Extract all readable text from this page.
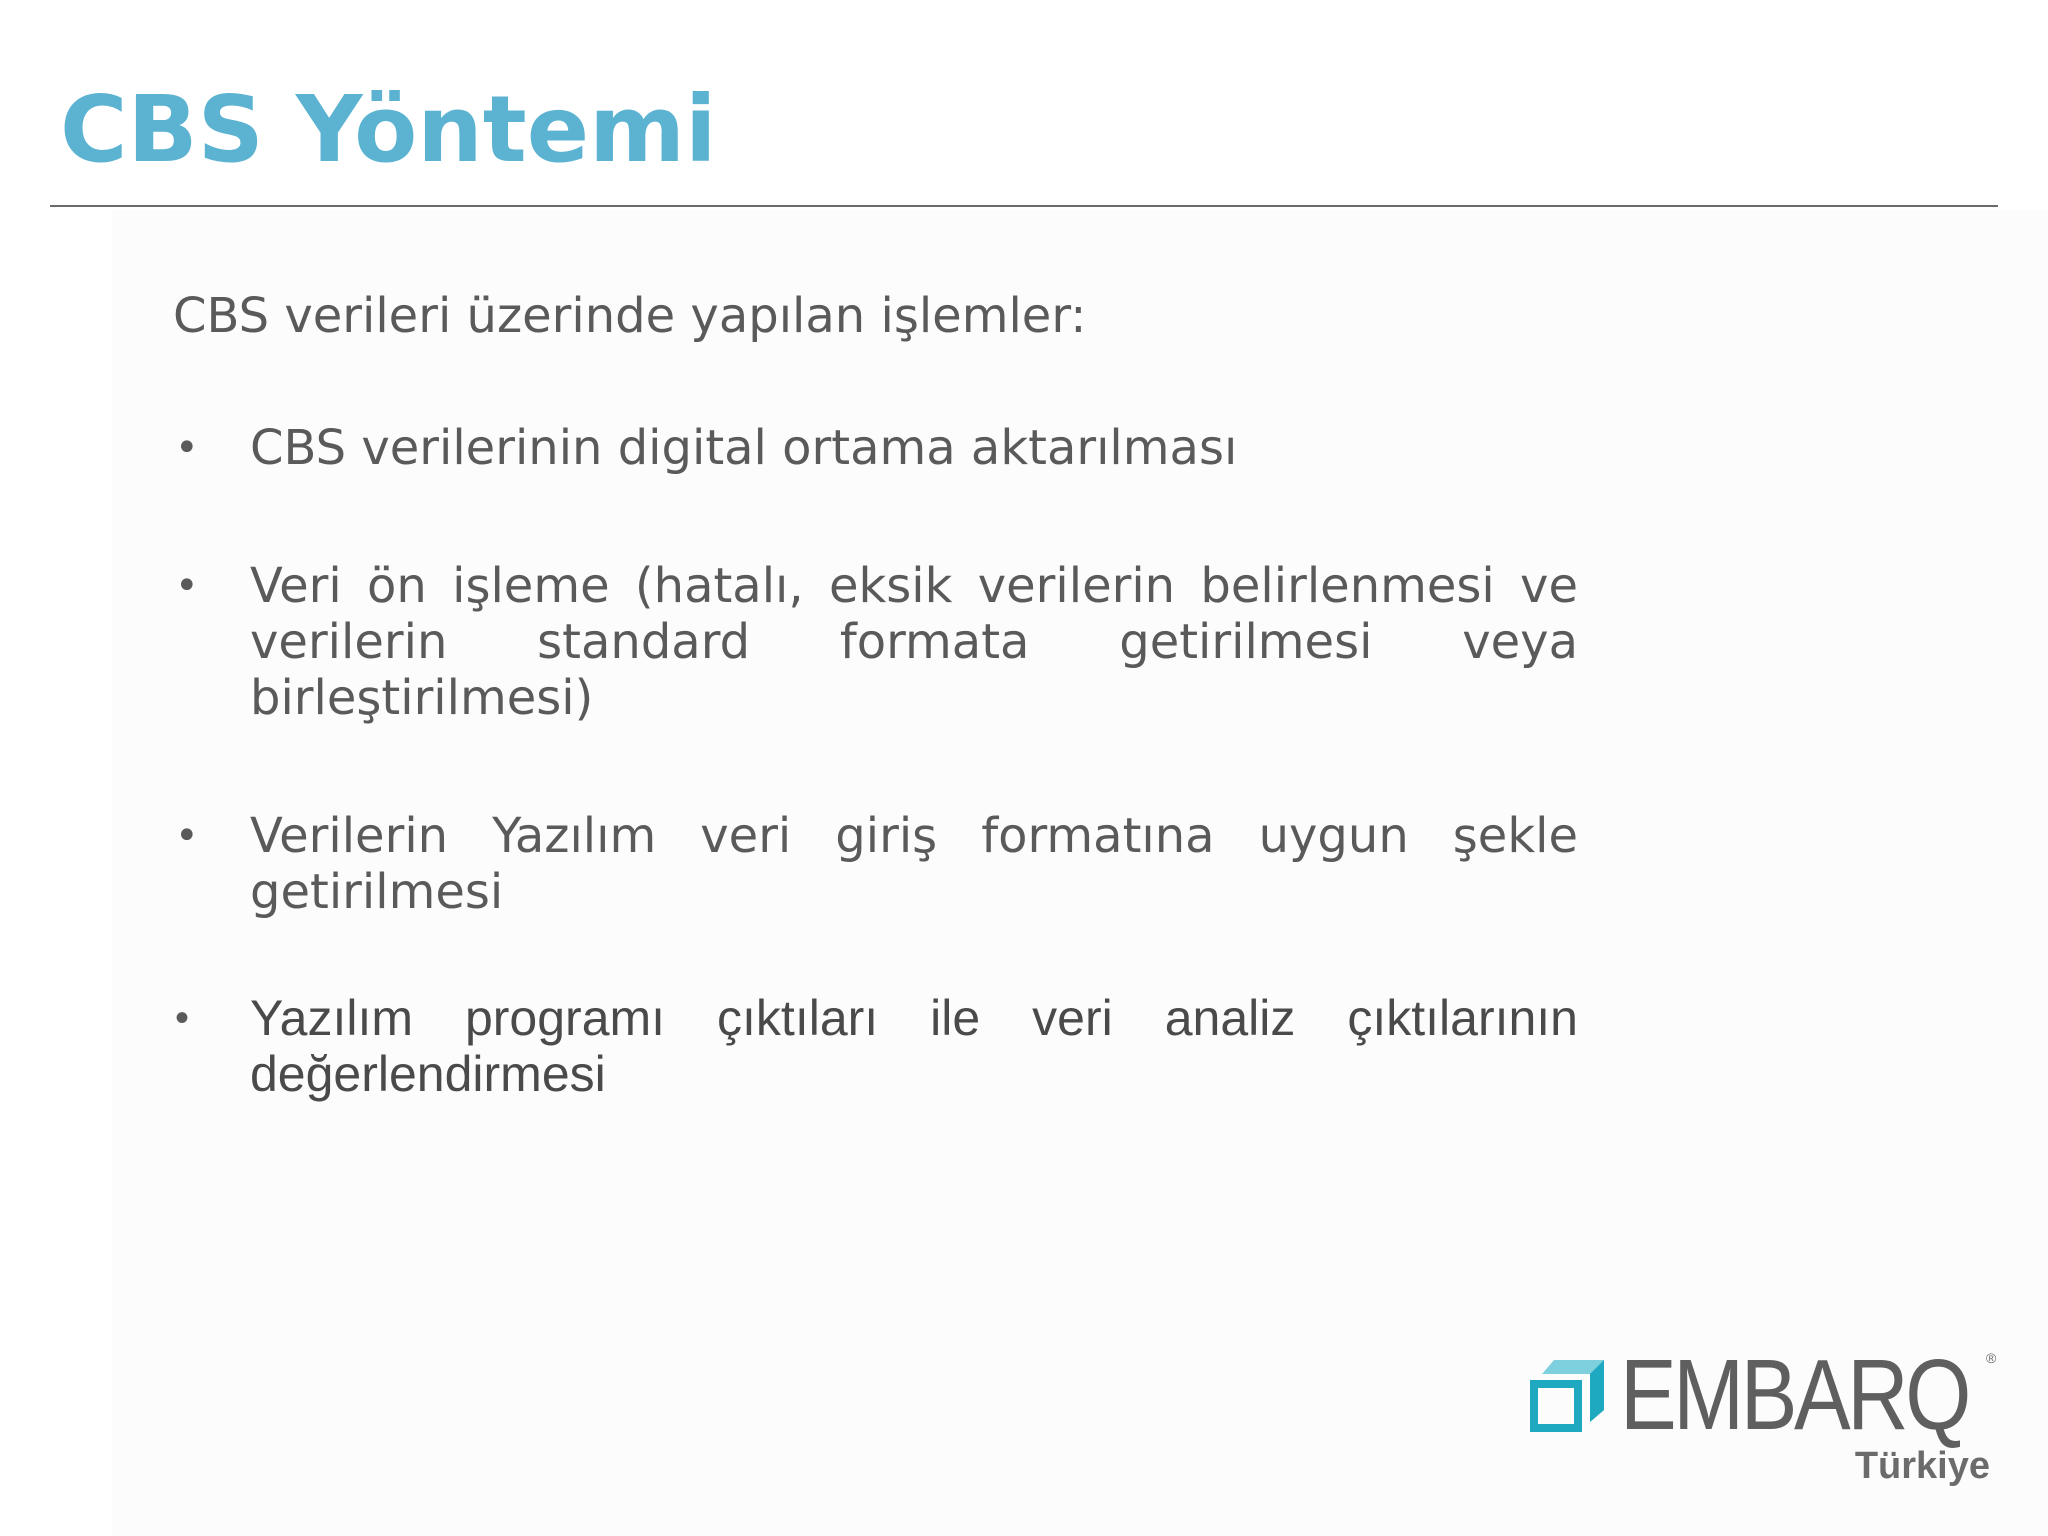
CBS Yöntemi

CBS verileri üzerinde yapılan işlemler:

• CBS verilerinin digital ortama aktarılması
• Veri ön işleme (hatalı, eksik verilerin belirlenmesi ve verilerin standard formata getirilmesi veya birleştirilmesi)
• Verilerin Yazılım veri giriş formatına uygun şekle getirilmesi
• Yazılım programı çıktıları ile veri analiz çıktılarının değerlendirmesi
EMBARQ ®
Türkiye
